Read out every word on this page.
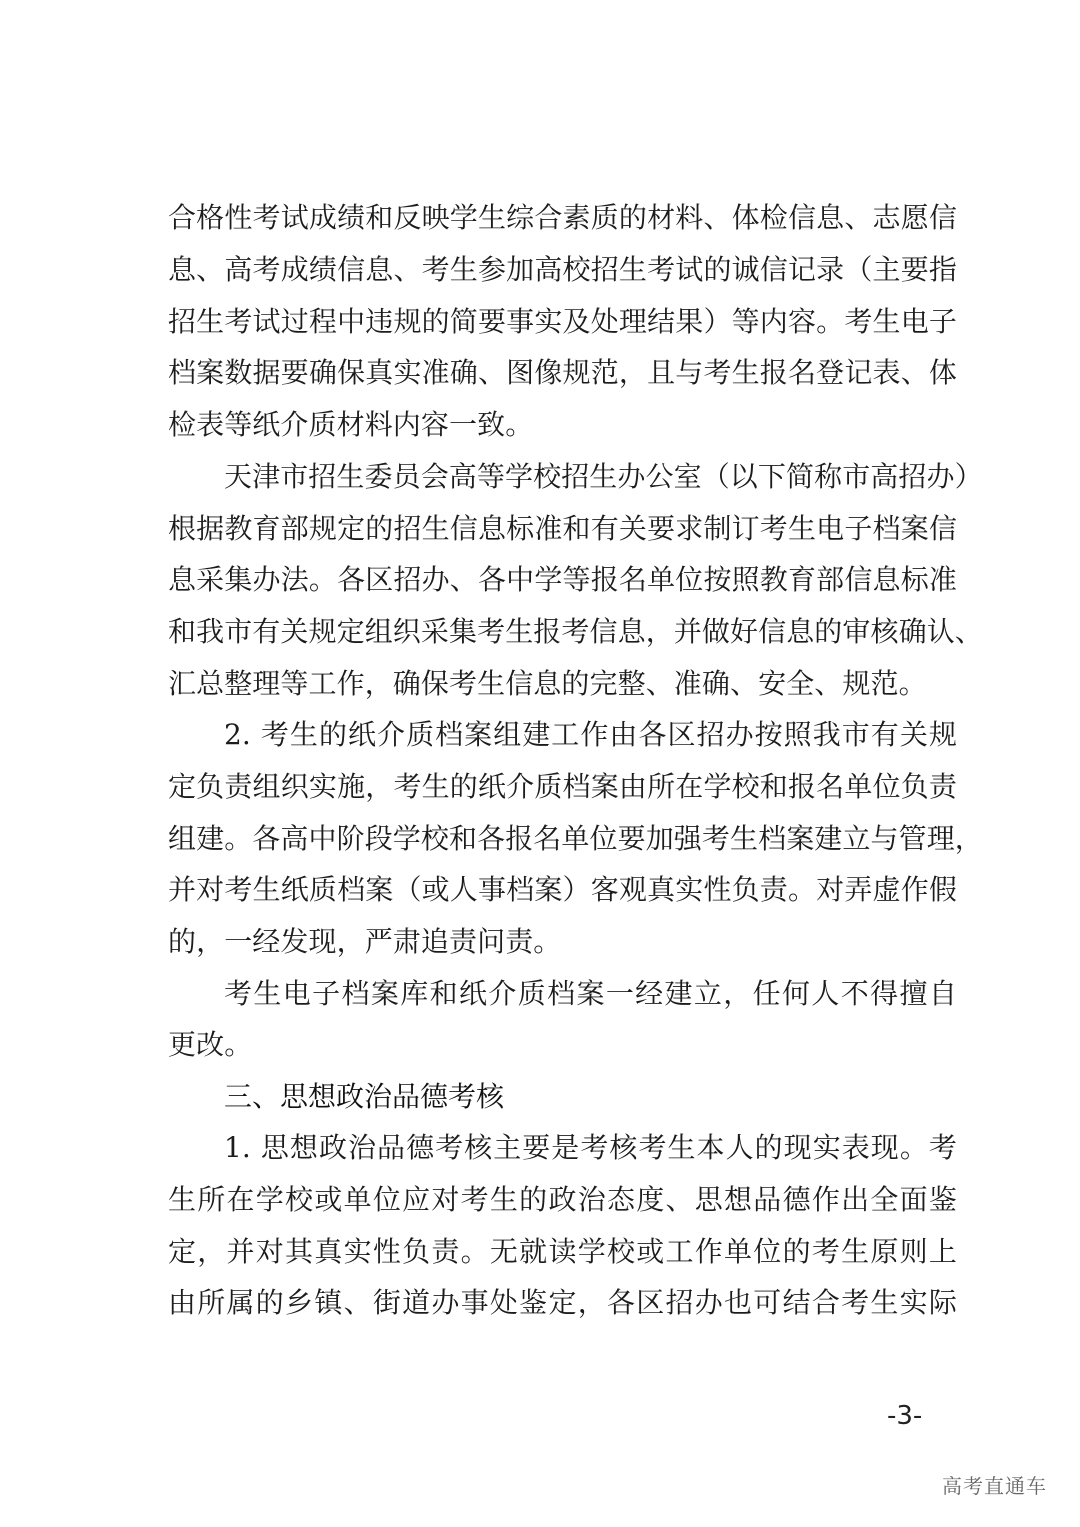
合格性考试成绩和反映学生综合素质的材料、体检信息、志愿信
息、高考成绩信息、考生参加高校招生考试的诚信记录（主要指
招生考试过程中违规的简要事实及处理结果）等内容。考生电子
档案数据要确保真实准确、图像规范，且与考生报名登记表、体
检表等纸介质材料内容一致。
天津市招生委员会高等学校招生办公室（以下简称市高招办）
根据教育部规定的招生信息标准和有关要求制订考生电子档案信
息采集办法。各区招办、各中学等报名单位按照教育部信息标准
和我市有关规定组织采集考生报考信息，并做好信息的审核确认、
汇总整理等工作，确保考生信息的完整、准确、安全、规范。
2. 考生的纸介质档案组建工作由各区招办按照我市有关规
定负责组织实施，考生的纸介质档案由所在学校和报名单位负责
组建。各高中阶段学校和各报名单位要加强考生档案建立与管理，
并对考生纸质档案（或人事档案）客观真实性负责。对弄虚作假
的，一经发现，严肃追责问责。
考生电子档案库和纸介质档案一经建立，任何人不得擅自
更改。
三、思想政治品德考核
1. 思想政治品德考核主要是考核考生本人的现实表现。考
生所在学校或单位应对考生的政治态度、思想品德作出全面鉴
定，并对其真实性负责。无就读学校或工作单位的考生原则上
由所属的乡镇、街道办事处鉴定，各区招办也可结合考生实际
-3-
高考直通车
